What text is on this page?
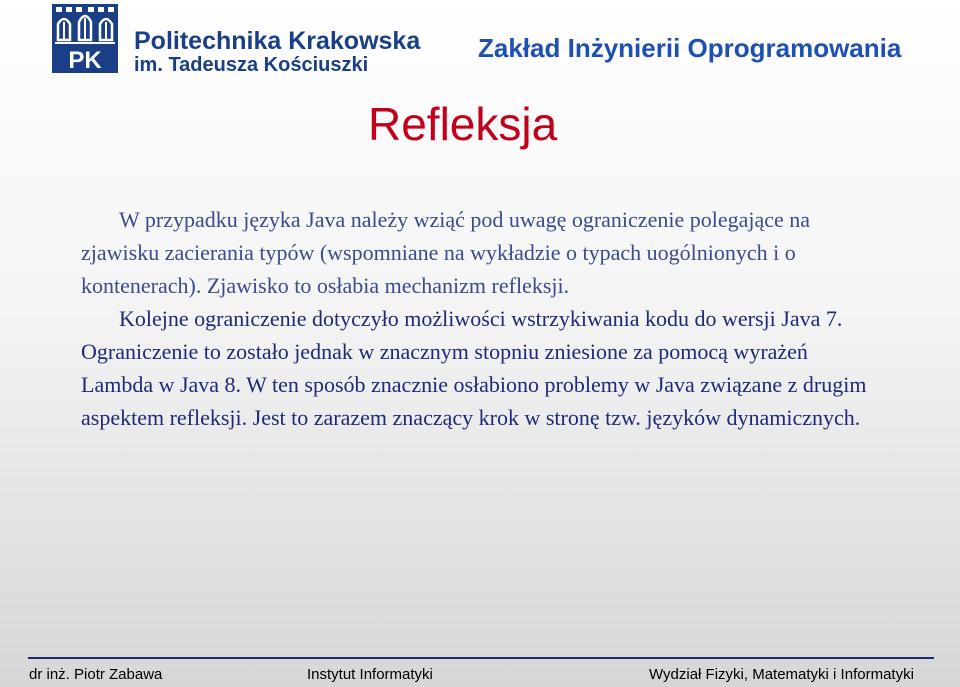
PK
Politechnika Krakowska
im. Tadeusza Kościuszki
Zakład Inżynierii Oprogramowania
Refleksja

W przypadku języka Java należy wziąć pod uwagę ograniczenie polegające na zjawisku zacierania typów (wspomniane na wykładzie o typach uogólnionych i o kontenerach). Zjawisko to osłabia mechanizm refleksji.

Kolejne ograniczenie dotyczyło możliwości wstrzykiwania kodu do wersji Java 7. Ograniczenie to zostało jednak w znacznym stopniu zniesione za pomocą wyrażeń Lambda w Java 8. W ten sposób znacznie osłabiono problemy w Java związane z drugim aspektem refleksji. Jest to zarazem znaczący krok w stronę tzw. języków dynamicznych.

dr inż. Piotr Zabawa	Instytut Informatyki	Wydział Fizyki, Matematyki i Informatyki
